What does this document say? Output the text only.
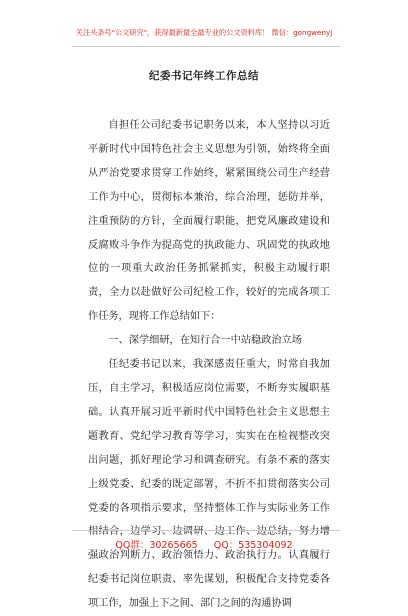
关注头条号"公文研究"，获得最新最全最专业的公文资料库！ 微信：gongwenyj
纪委书记年终工作总结

自担任公司纪委书记职务以来，本人坚持以习近平新时代中国特色社会主义思想为引领，始终将全面从严治党要求贯穿工作始终，紧紧围绕公司生产经营工作为中心，贯彻标本兼治，综合治理，惩防并举，注重预防的方针，全面履行职能，把党风廉政建设和反腐败斗争作为提高党的执政能力、巩固党的执政地位的一项重大政治任务抓紧抓实，积极主动履行职责，全力以赴做好公司纪检工作，较好的完成各项工作任务，现将工作总结如下：

一、深学细研，在知行合一中站稳政治立场

任纪委书记以来，我深感责任重大，时常自我加压，自主学习，积极适应岗位需要，不断夯实履职基础。认真开展习近平新时代中国特色社会主义思想主题教育、党纪学习教育等学习，实实在在检视整改突出问题，抓好理论学习和调查研究。有条不紊的落实上级党委、纪委的既定部署，不折不扣贯彻落实公司党委的各项指示要求，坚持整体工作与实际业务工作相结合，边学习、边调研、边工作、边总结，努力增强政治判断力、政治领悟力、政治执行力。认真履行纪委书记岗位职责、率先谋划，积极配合支持党委各项工作，加强上下之间、部门之间的沟通协调

QQ群：30265665 QQ：535304092
